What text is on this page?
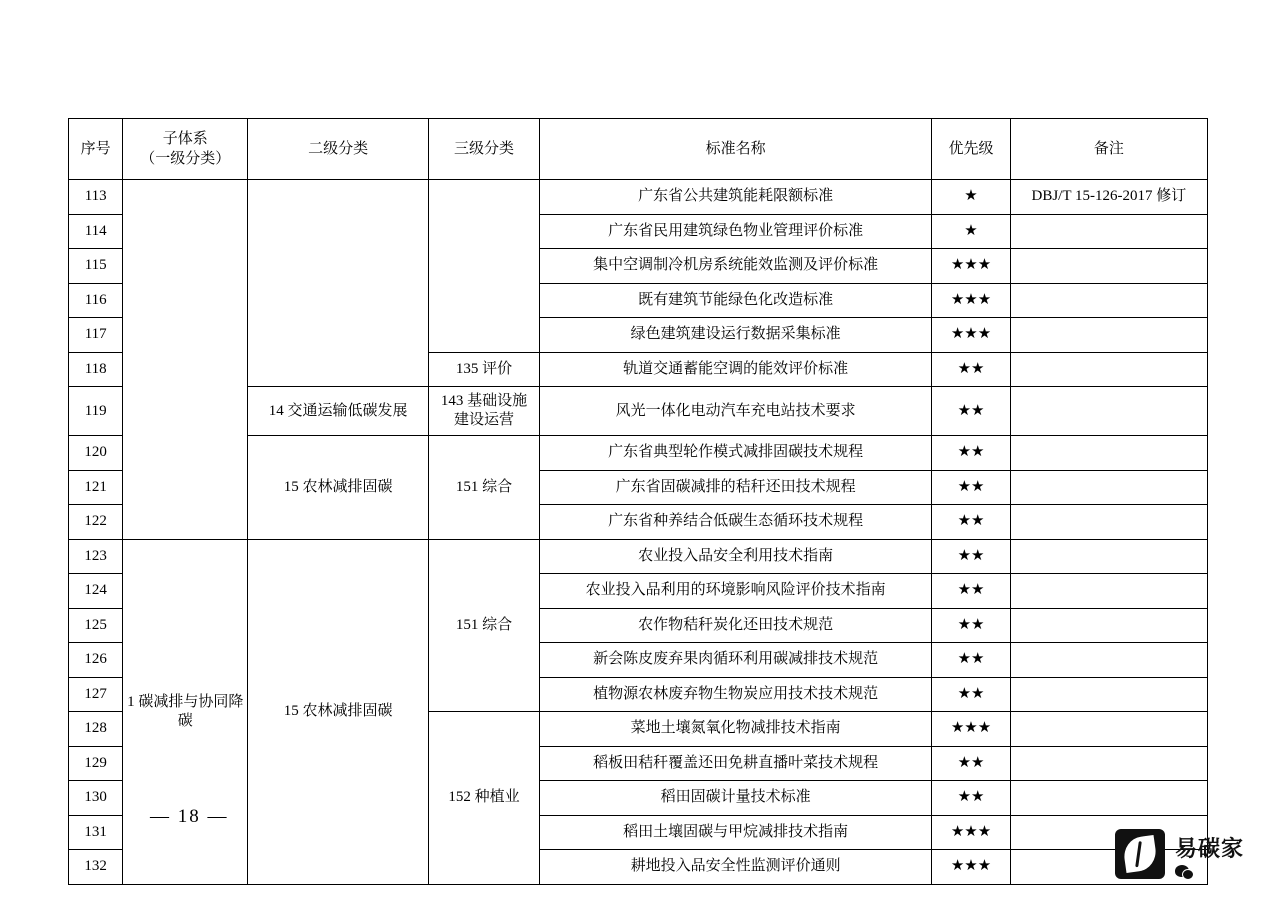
序号	子体系
（一级分类）	二级分类	三级分类	标准名称	优先级	备注
113				广东省公共建筑能耗限额标准	★	DBJ/T 15-126-2017 修订
114				广东省民用建筑绿色物业管理评价标准	★	
115				集中空调制冷机房系统能效监测及评价标准	★★★	
116				既有建筑节能绿色化改造标准	★★★	
117				绿色建筑建设运行数据采集标准	★★★	
118			135 评价	轨道交通蓄能空调的能效评价标准	★★	
119		14 交通运输低碳发展	143 基础设施
建设运营	风光一体化电动汽车充电站技术要求	★★	
120		15 农林减排固碳	151 综合	广东省典型轮作模式减排固碳技术规程	★★	
121				广东省固碳减排的秸秆还田技术规程	★★	
122				广东省种养结合低碳生态循环技术规程	★★	
123	1 碳减排与协同降碳	15 农林减排固碳	151 综合	农业投入品安全利用技术指南	★★	
124				农业投入品利用的环境影响风险评价技术指南	★★	
125				农作物秸秆炭化还田技术规范	★★	
126				新会陈皮废弃果肉循环利用碳减排技术规范	★★	
127				植物源农林废弃物生物炭应用技术技术规范	★★	
128			152 种植业	菜地土壤氮氧化物减排技术指南	★★★	
129				稻板田秸秆覆盖还田免耕直播叶菜技术规程	★★	
130				稻田固碳计量技术标准	★★	
131				稻田土壤固碳与甲烷减排技术指南	★★★	
132				耕地投入品安全性监测评价通则	★★★	
— 18 —
易碳家
